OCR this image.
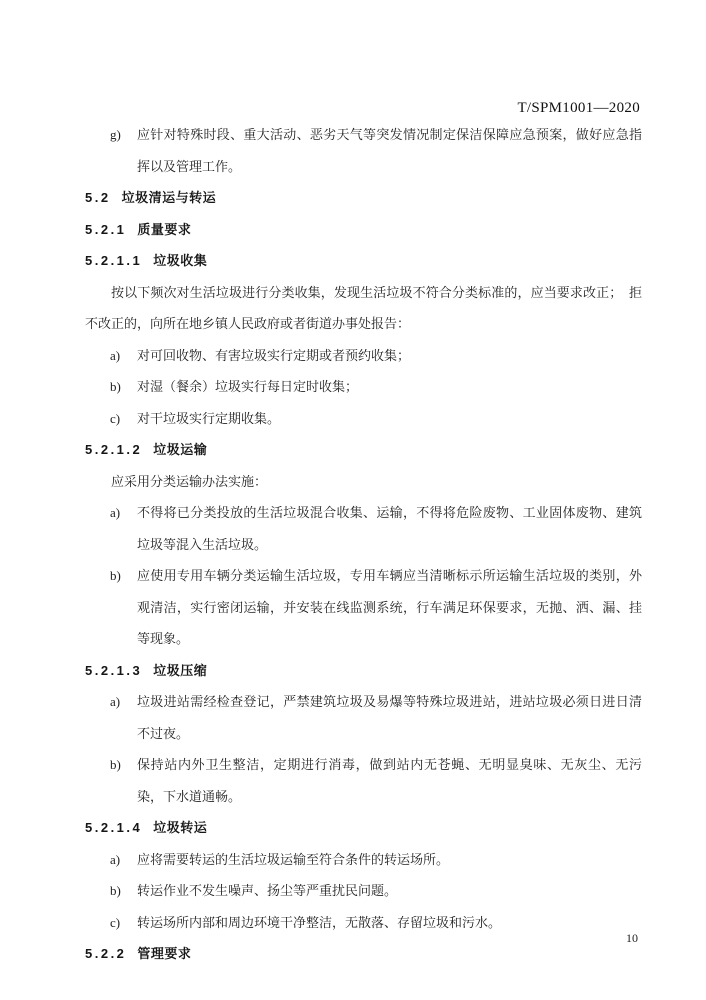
T/SPM1001—2020
g)	应针对特殊时段、重大活动、恶劣天气等突发情况制定保洁保障应急预案，做好应急指挥以及管理工作。
5.2 垃圾清运与转运
5.2.1 质量要求
5.2.1.1 垃圾收集

按以下频次对生活垃圾进行分类收集，发现生活垃圾不符合分类标准的，应当要求改正；　拒不改正的，向所在地乡镇人民政府或者街道办事处报告：

a)	对可回收物、有害垃圾实行定期或者预约收集；
b)	对湿（餐余）垃圾实行每日定时收集；
c)	对干垃圾实行定期收集。
5.2.1.2 垃圾运输

应采用分类运输办法实施：

a)	不得将已分类投放的生活垃圾混合收集、运输，不得将危险废物、工业固体废物、建筑垃圾等混入生活垃圾。
b)	应使用专用车辆分类运输生活垃圾，专用车辆应当清晰标示所运输生活垃圾的类别，外观清洁，实行密闭运输，并安装在线监测系统，行车满足环保要求，无抛、洒、漏、挂等现象。
5.2.1.3 垃圾压缩
a)	垃圾进站需经检查登记，严禁建筑垃圾及易爆等特殊垃圾进站，进站垃圾必须日进日清不过夜。
b)	保持站内外卫生整洁，定期进行消毒，做到站内无苍蝇、无明显臭味、无灰尘、无污染，下水道通畅。
5.2.1.4 垃圾转运
a)	应将需要转运的生活垃圾运输至符合条件的转运场所。
b)	转运作业不发生噪声、扬尘等严重扰民问题。
c)	转运场所内部和周边环境干净整洁，无散落、存留垃圾和污水。
5.2.2 管理要求
10
